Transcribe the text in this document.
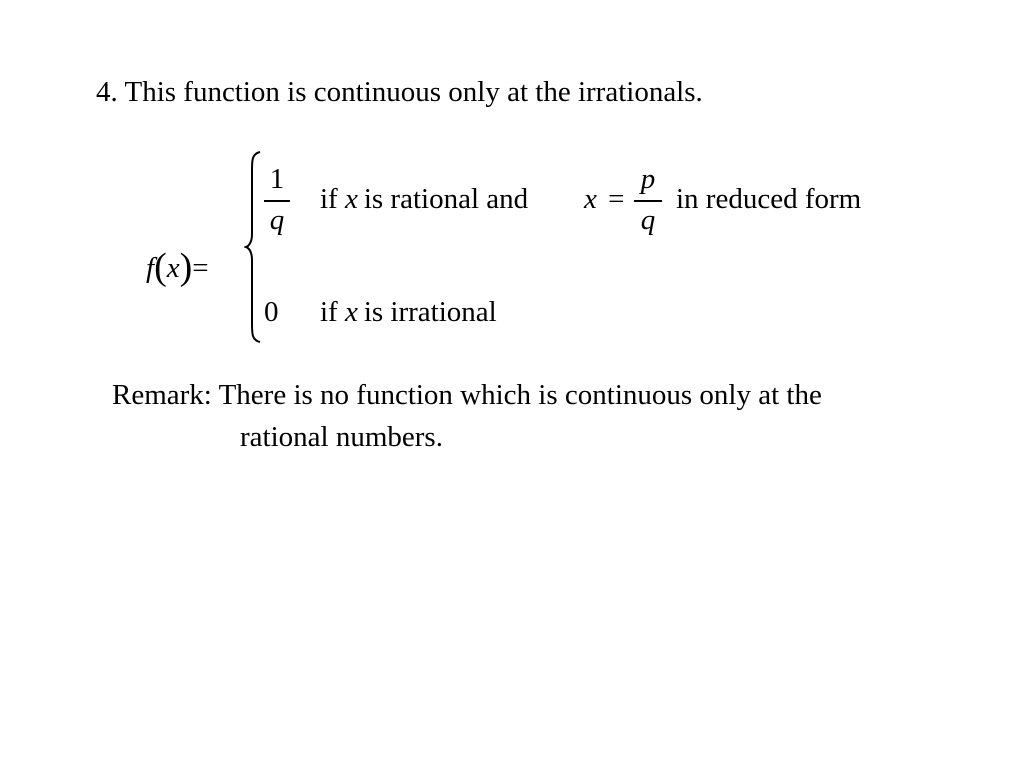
4. This function is continuous only at the irrationals.
f(x)=
1
q
if x is rational and x =
p
q
in reduced form
0 if x is irrational
Remark: There is no function which is continuous only at the
rational numbers.
